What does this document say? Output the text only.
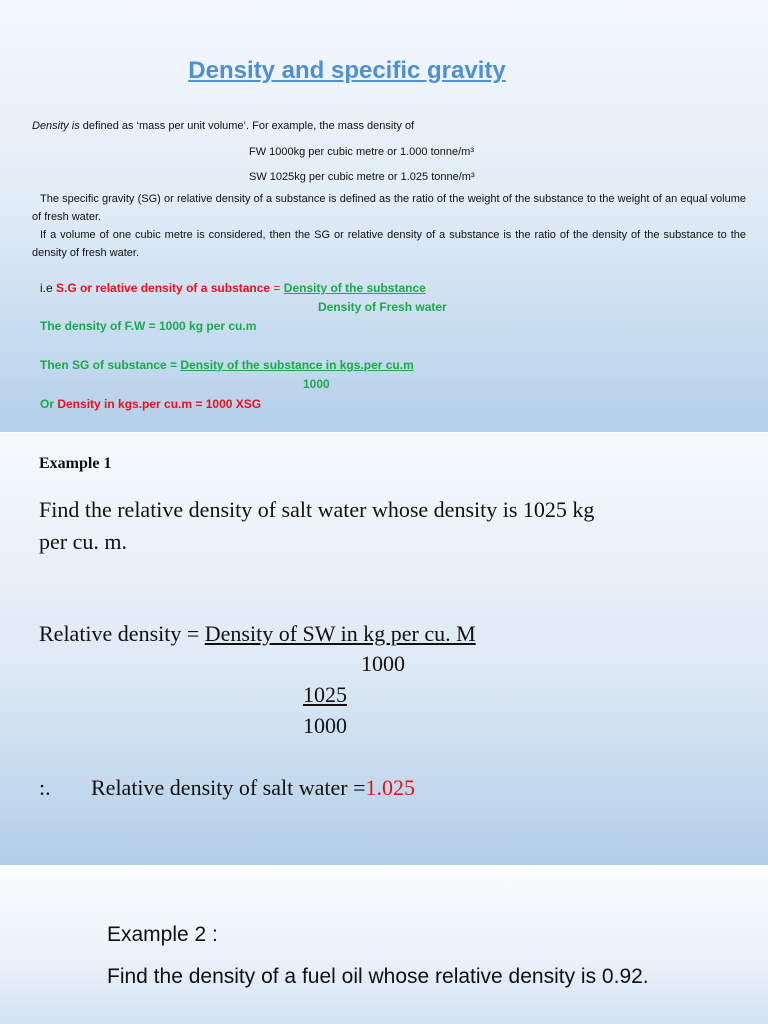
Density and specific gravity
Density is defined as ‘mass per unit volume’. For example, the mass density of
FW 1000kg per cubic metre or 1.000 tonne/m³
SW 1025kg per cubic metre or 1.025 tonne/m³
The specific gravity (SG) or relative density of a substance is defined as the ratio of the weight of the substance to the weight of an equal volume of fresh water.
If a volume of one cubic metre is considered, then the SG or relative density of a substance is the ratio of the density of the substance to the density of fresh water.
i.e S.G or relative density of a substance = Density of the substance
Density of Fresh water
The density of F.W = 1000 kg per cu.m
Then SG of substance = Density of the substance in kgs.per cu.m
1000
Or Density in kgs.per cu.m = 1000 XSG
Example 1
Find the relative density of salt water whose density is 1025 kg
per cu. m.
Relative density = Density of SW in kg per cu. M
1000
1025
1000
:. Relative density of salt water =1.025
Example 2 :
Find the density of a fuel oil whose relative density is 0.92.
